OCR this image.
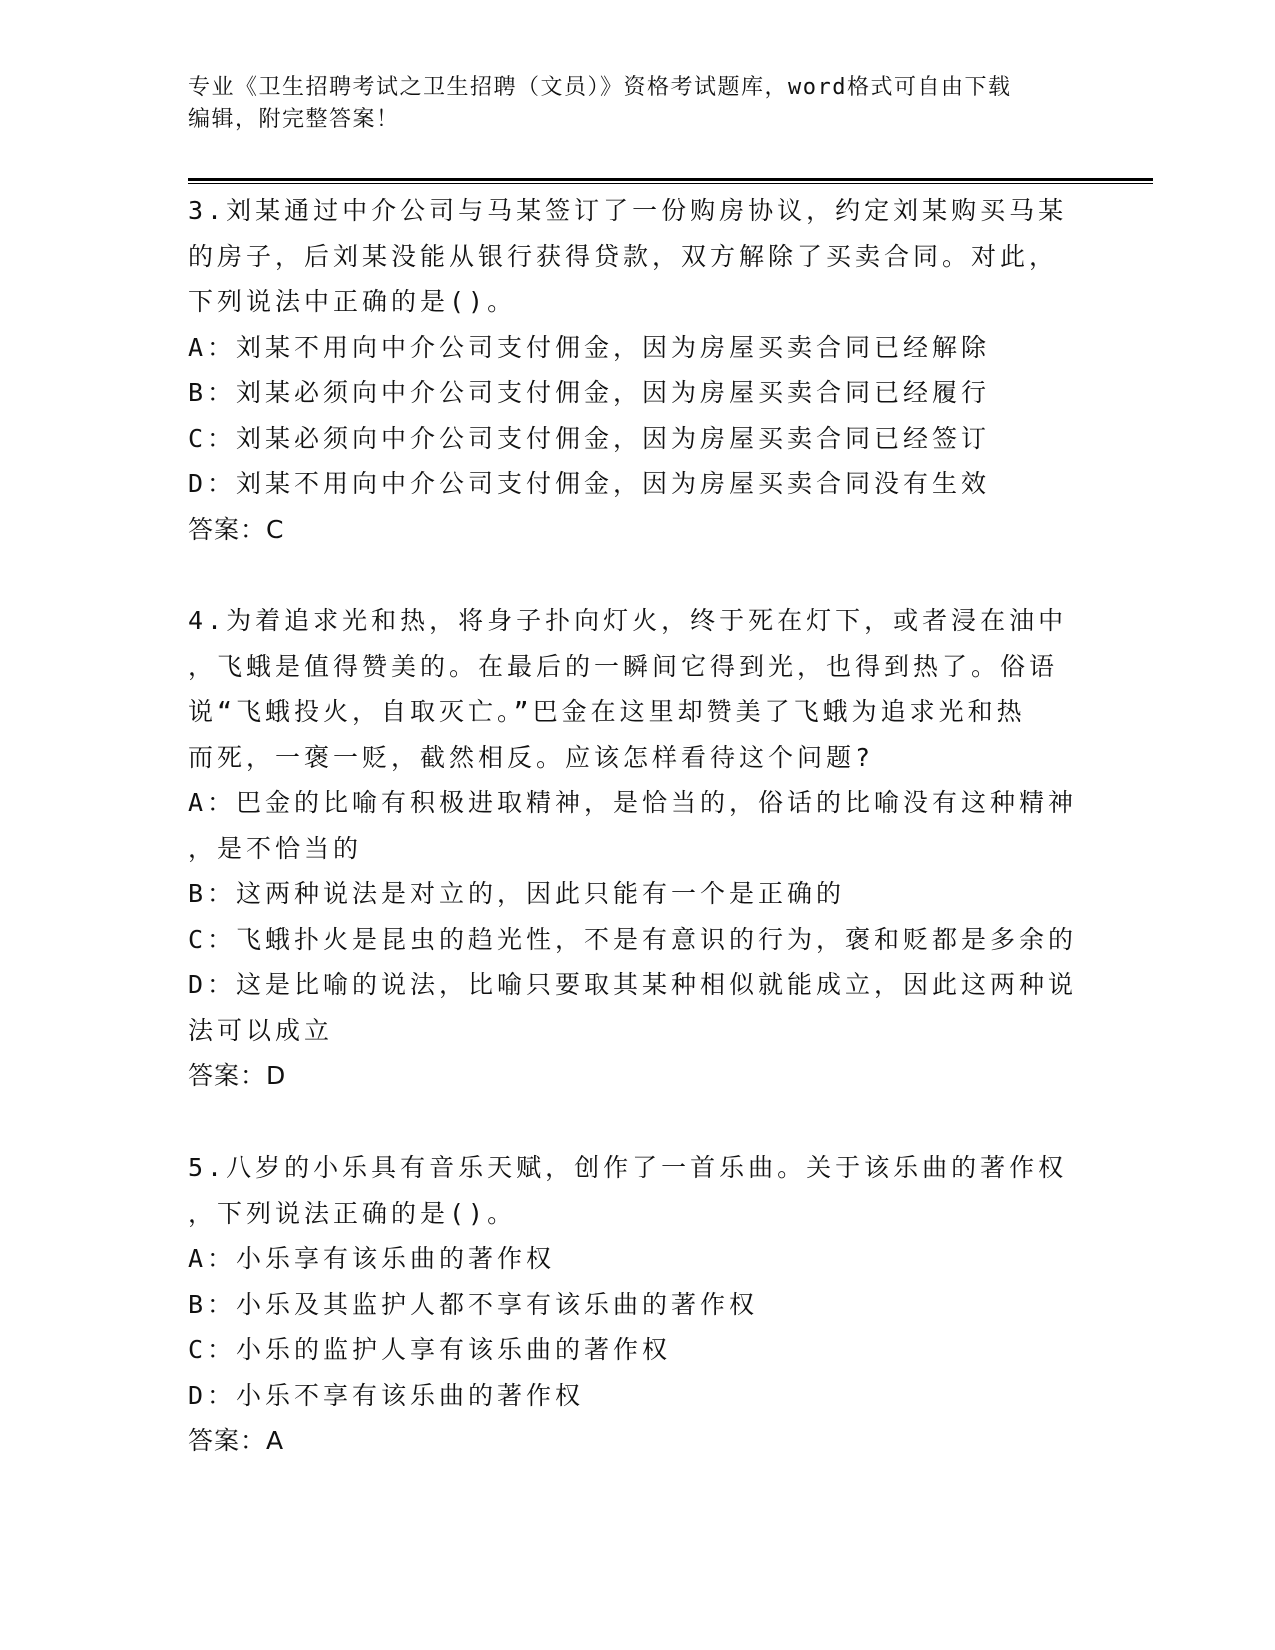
专业《卫生招聘考试之卫生招聘（文员）》资格考试题库，word格式可自由下载
编辑，附完整答案！
3.刘某通过中介公司与马某签订了一份购房协议，约定刘某购买马某
的房子，后刘某没能从银行获得贷款，双方解除了买卖合同。对此，
下列说法中正确的是()。
A：刘某不用向中介公司支付佣金，因为房屋买卖合同已经解除
B：刘某必须向中介公司支付佣金，因为房屋买卖合同已经履行
C：刘某必须向中介公司支付佣金，因为房屋买卖合同已经签订
D：刘某不用向中介公司支付佣金，因为房屋买卖合同没有生效
答案：C
4.为着追求光和热，将身子扑向灯火，终于死在灯下，或者浸在油中
，飞蛾是值得赞美的。在最后的一瞬间它得到光，也得到热了。俗语
说“飞蛾投火，自取灭亡。”巴金在这里却赞美了飞蛾为追求光和热
而死，一褒一贬，截然相反。应该怎样看待这个问题?
A：巴金的比喻有积极进取精神，是恰当的，俗话的比喻没有这种精神
，是不恰当的
B：这两种说法是对立的，因此只能有一个是正确的
C：飞蛾扑火是昆虫的趋光性，不是有意识的行为，褒和贬都是多余的
D：这是比喻的说法，比喻只要取其某种相似就能成立，因此这两种说
法可以成立
答案：D
5.八岁的小乐具有音乐天赋，创作了一首乐曲。关于该乐曲的著作权
，下列说法正确的是()。
A：小乐享有该乐曲的著作权
B：小乐及其监护人都不享有该乐曲的著作权
C：小乐的监护人享有该乐曲的著作权
D：小乐不享有该乐曲的著作权
答案：A
